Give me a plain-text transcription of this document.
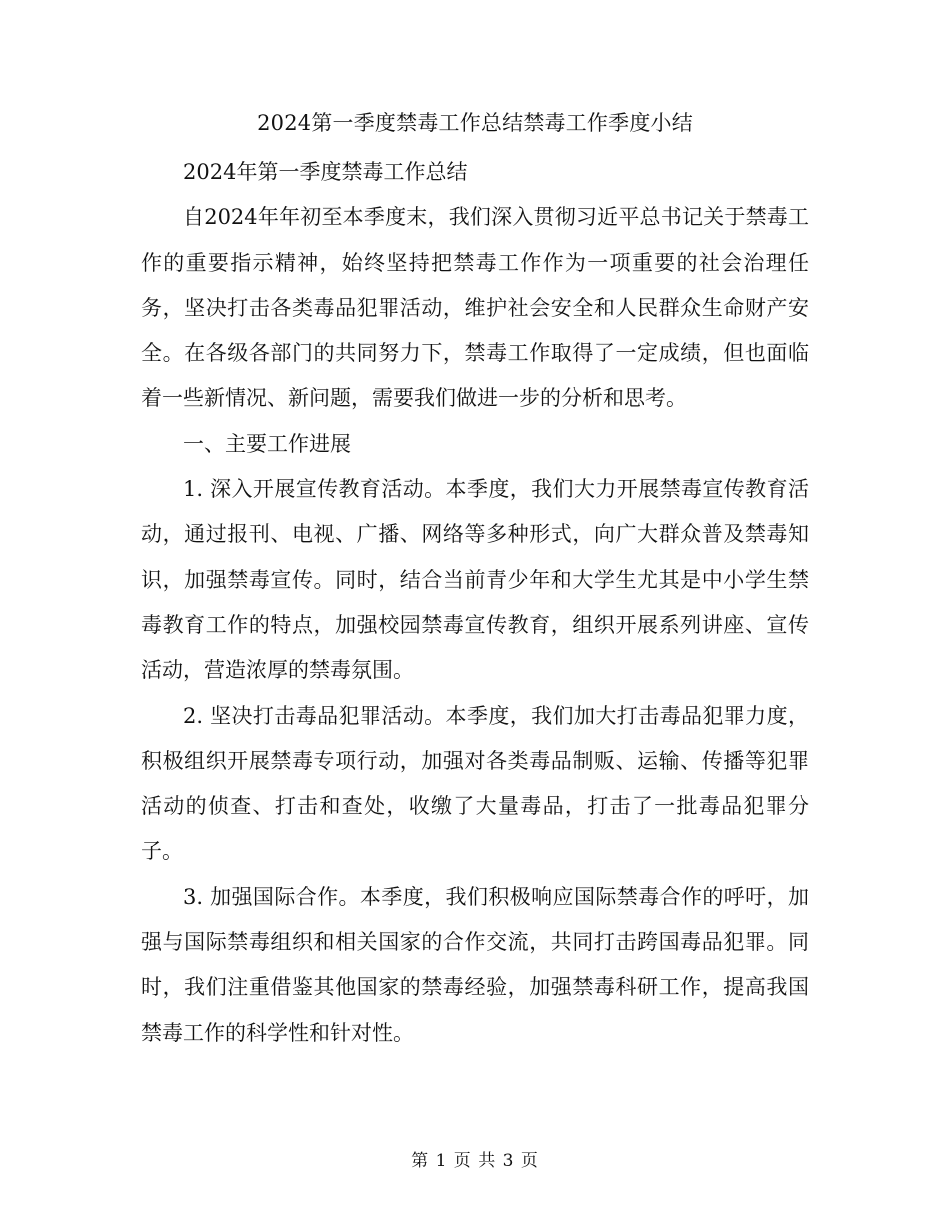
2024第一季度禁毒工作总结禁毒工作季度小结

2024年第一季度禁毒工作总结

自2024年年初至本季度末，我们深入贯彻习近平总书记关于禁毒工作的重要指示精神，始终坚持把禁毒工作作为一项重要的社会治理任务，坚决打击各类毒品犯罪活动，维护社会安全和人民群众生命财产安全。在各级各部门的共同努力下，禁毒工作取得了一定成绩，但也面临着一些新情况、新问题，需要我们做进一步的分析和思考。

一、主要工作进展

1. 深入开展宣传教育活动。本季度，我们大力开展禁毒宣传教育活动，通过报刊、电视、广播、网络等多种形式，向广大群众普及禁毒知识，加强禁毒宣传。同时，结合当前青少年和大学生尤其是中小学生禁毒教育工作的特点，加强校园禁毒宣传教育，组织开展系列讲座、宣传活动，营造浓厚的禁毒氛围。

2. 坚决打击毒品犯罪活动。本季度，我们加大打击毒品犯罪力度，积极组织开展禁毒专项行动，加强对各类毒品制贩、运输、传播等犯罪活动的侦查、打击和查处，收缴了大量毒品，打击了一批毒品犯罪分子。

3. 加强国际合作。本季度，我们积极响应国际禁毒合作的呼吁，加强与国际禁毒组织和相关国家的合作交流，共同打击跨国毒品犯罪。同时，我们注重借鉴其他国家的禁毒经验，加强禁毒科研工作，提高我国禁毒工作的科学性和针对性。

第 1 页 共 3 页
